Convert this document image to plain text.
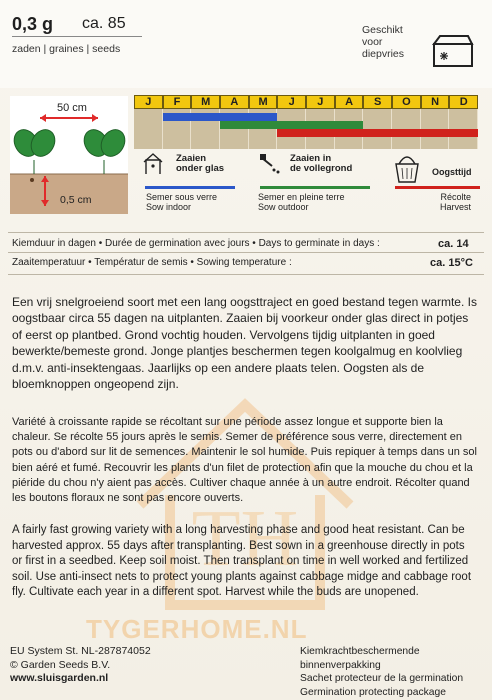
0,3 g ca. 85
zaden | graines | seeds
Geschikt
voor
diepvries
50 cm
0,5 cm
J	F	M	A	M	J	J	A	S	O	N	D
Zaaien
onder glas
Semer sous verre
Sow indoor
Zaaien in
de vollegrond
Semer en pleine terre
Sow outdoor
Oogsttijd
Récolte
Harvest
Kiemduur in dagen • Durée de germination avec jours • Days to germinate in days :	ca. 14
Zaaitemperatuur • Températur de semis • Sowing temperature :	ca. 15°C
TH

Een vrij snelgroeiend soort met een lang oogsttraject en goed bestand tegen warmte. Is oogstbaar circa 55 dagen na uitplanten. Zaaien bij voorkeur onder glas direct in potjes of eerst op plantbed. Grond vochtig houden. Vervolgens tijdig uitplanten in goed bewerkte/bemeste grond. Jonge plantjes beschermen tegen koolgalmug en koolvlieg d.m.v. anti-insektengaas. Jaarlijks op een andere plaats telen. Oogsten als de bloemknoppen ongeopend zijn.

Variété à croissante rapide se récoltant sur une période assez longue et supporte bien la chaleur. Se récolte 55 jours après le semis. Semer de préférence sous verre, directement en pots ou d'abord sur lit de semences. Maintenir le sol humide. Puis repiquer à temps dans un sol bien aéré et fumé. Recouvrir les plants d'un filet de protection afin que la mouche du chou et la piéride du chou n'y aient pas accès. Cultiver chaque année à un autre endroit. Récolter quand les boutons floraux ne sont pas encore ouverts.

A fairly fast growing variety with a long harvesting phase and good heat resistant. Can be harvested approx. 55 days after transplanting. Best sown in a greenhouse directly in pots or first in a seedbed. Keep soil moist. Then transplant on time in well worked and fertilized soil. Use anti-insect nets to protect young plants against cabbage midge and cabbage root fly. Cultivate each year in a different spot. Harvest while the buds are unopened.

TYGERHOME.NL
EU System St. NL-287874052
© Garden Seeds B.V.
www.sluisgarden.nl
Kiemkrachtbeschermende binnenverpakking
Sachet protecteur de la germination
Germination protecting package
